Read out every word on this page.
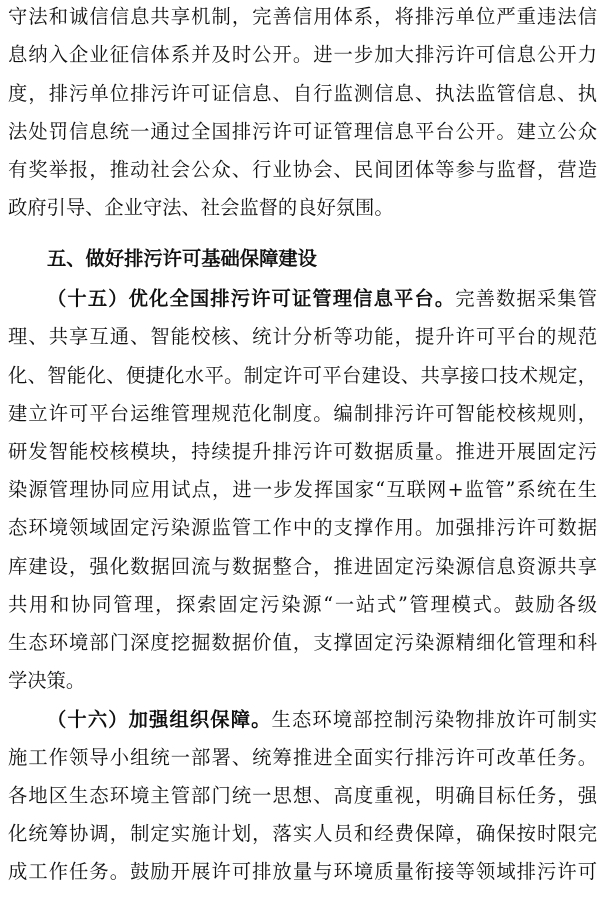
守法和诚信信息共享机制，完善信用体系，将排污单位严重违法信
息纳入企业征信体系并及时公开。进一步加大排污许可信息公开力
度，排污单位排污许可证信息、自行监测信息、执法监管信息、执
法处罚信息统一通过全国排污许可证管理信息平台公开。建立公众
有奖举报，推动社会公众、行业协会、民间团体等参与监督，营造
政府引导、企业守法、社会监督的良好氛围。
五、做好排污许可基础保障建设
（十五）优化全国排污许可证管理信息平台。完善数据采集管
理、共享互通、智能校核、统计分析等功能，提升许可平台的规范
化、智能化、便捷化水平。制定许可平台建设、共享接口技术规定，
建立许可平台运维管理规范化制度。编制排污许可智能校核规则，
研发智能校核模块，持续提升排污许可数据质量。推进开展固定污
染源管理协同应用试点，进一步发挥国家“互联网+监管”系统在生
态环境领域固定污染源监管工作中的支撑作用。加强排污许可数据
库建设，强化数据回流与数据整合，推进固定污染源信息资源共享
共用和协同管理，探索固定污染源“一站式”管理模式。鼓励各级
生态环境部门深度挖掘数据价值，支撑固定污染源精细化管理和科
学决策。
（十六）加强组织保障。生态环境部控制污染物排放许可制实
施工作领导小组统一部署、统筹推进全面实行排污许可改革任务。
各地区生态环境主管部门统一思想、高度重视，明确目标任务，强
化统筹协调，制定实施计划，落实人员和经费保障，确保按时限完
成工作任务。鼓励开展许可排放量与环境质量衔接等领域排污许可
